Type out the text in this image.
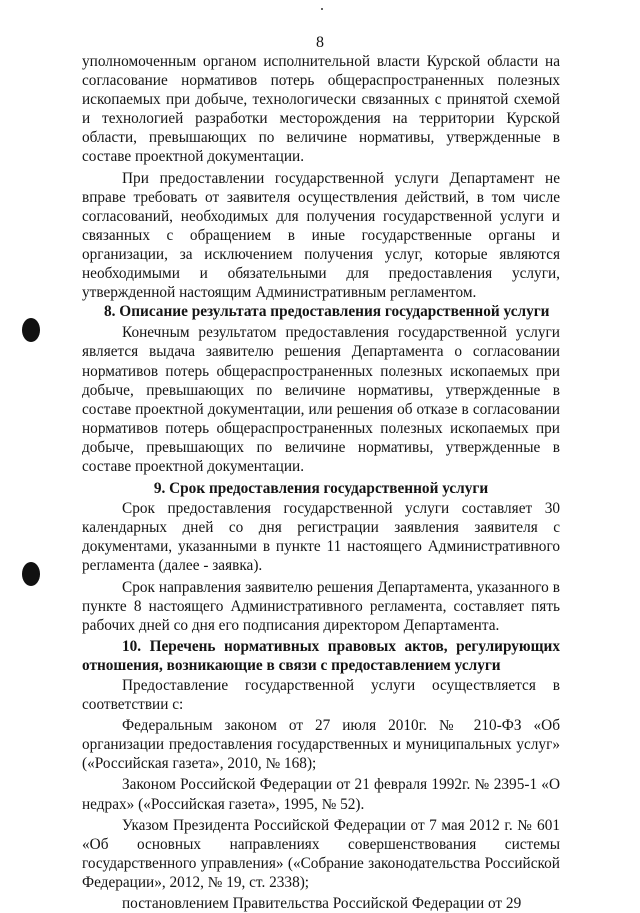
8

уполномоченным органом исполнительной власти Курской области на согласование нормативов потерь общераспространенных полезных ископаемых при добыче, технологически связанных с принятой схемой и технологией разработки месторождения на территории Курской области, превышающих по величине нормативы, утвержденные в составе проектной документации.

При предоставлении государственной услуги Департамент не вправе требовать от заявителя осуществления действий, в том числе согласований, необходимых для получения государственной услуги и связанных с обращением в иные государственные органы и организации, за исключением получения услуг, которые являются необходимыми и обязательными для предоставления услуги, утвержденной настоящим Административным регламентом.

8. Описание результата предоставления государственной услуги

Конечным результатом предоставления государственной услуги является выдача заявителю решения Департамента о согласовании нормативов потерь общераспространенных полезных ископаемых при добыче, превышающих по величине нормативы, утвержденные в составе проектной документации, или решения об отказе в согласовании нормативов потерь общераспространенных полезных ископаемых при добыче, превышающих по величине нормативы, утвержденные в составе проектной документации.

9. Срок предоставления государственной услуги

Срок предоставления государственной услуги составляет 30 календарных дней со дня регистрации заявления заявителя с документами, указанными в пункте 11 настоящего Административного регламента (далее - заявка).

Срок направления заявителю решения Департамента, указанного в пункте 8 настоящего Административного регламента, составляет пять рабочих дней со дня его подписания директором Департамента.

10. Перечень нормативных правовых актов, регулирующих отношения, возникающие в связи с предоставлением услуги

Предоставление государственной услуги осуществляется в соответствии с:

Федеральным законом от 27 июля 2010г. № 210-ФЗ «Об организации предоставления государственных и муниципальных услуг» («Российская газета», 2010, № 168);

Законом Российской Федерации от 21 февраля 1992г. № 2395-1 «О недрах» («Российская газета», 1995, № 52).

Указом Президента Российской Федерации от 7 мая 2012 г. № 601 «Об основных направлениях совершенствования системы государственного управления» («Собрание законодательства Российской Федерации», 2012, № 19, ст. 2338);

постановлением Правительства Российской Федерации от 29
